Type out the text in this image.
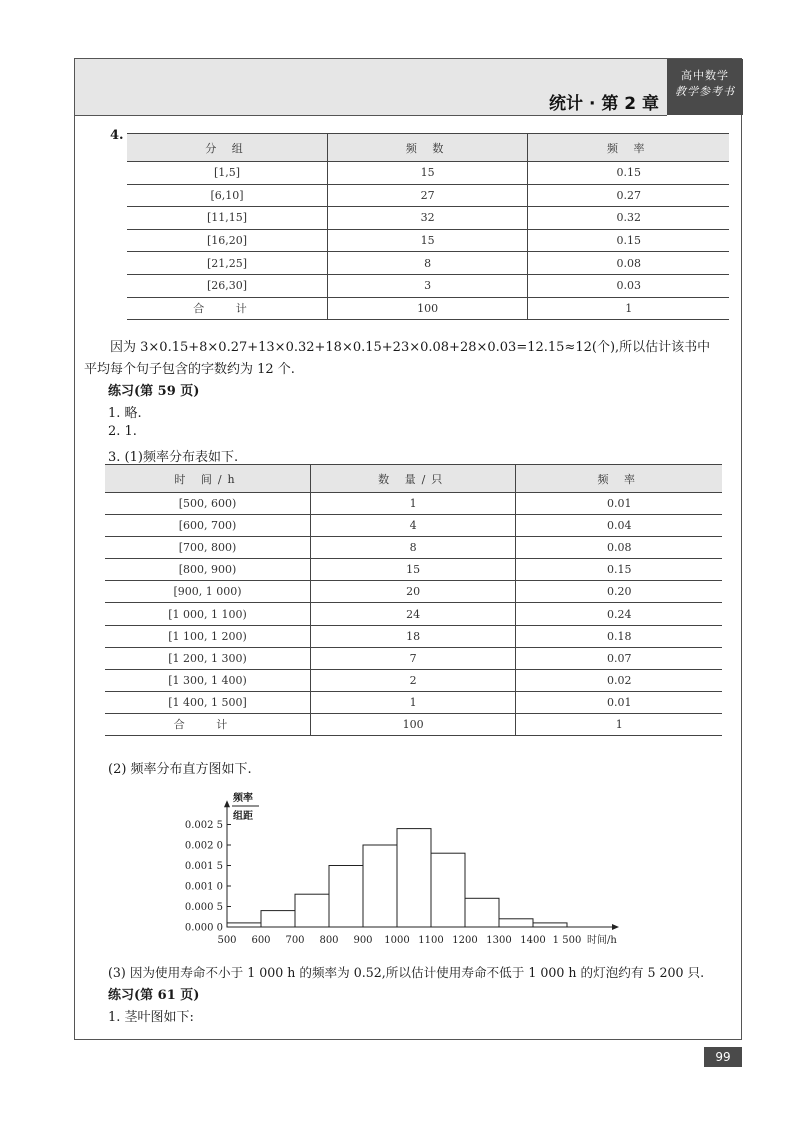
统计 · 第 2 章
高中数学
教学参考书
4.
分 组	频 数	频 率
[1,5]	15	0.15
[6,10]	27	0.27
[11,15]	32	0.32
[16,20]	15	0.15
[21,25]	8	0.08
[26,30]	3	0.03
合 计	100	1
因为 3×0.15+8×0.27+13×0.32+18×0.15+23×0.08+28×0.03=12.15≈12(个),所以估计该书中
平均每个句子包含的字数约为 12 个.
练习(第 59 页)
1. 略.
2. 1.
3. (1)频率分布表如下.
时 间/h	数 量/只	频 率
[500, 600)	1	0.01
[600, 700)	4	0.04
[700, 800)	8	0.08
[800, 900)	15	0.15
[900, 1 000)	20	0.20
[1 000, 1 100)	24	0.24
[1 100, 1 200)	18	0.18
[1 200, 1 300)	7	0.07
[1 300, 1 400)	2	0.02
[1 400, 1 500]	1	0.01
合 计	100	1
(2) 频率分布直方图如下.
0.000 0
0.000 5
0.001 0
0.001 5
0.002 0
0.002 5
500 600 700 800 900 1000 1100 1200 1300 1400 1 500 时间/h
频率
组距
(3) 因为使用寿命不小于 1 000 h 的频率为 0.52,所以估计使用寿命不低于 1 000 h 的灯泡约有 5 200 只.
练习(第 61 页)
1. 茎叶图如下:
99
